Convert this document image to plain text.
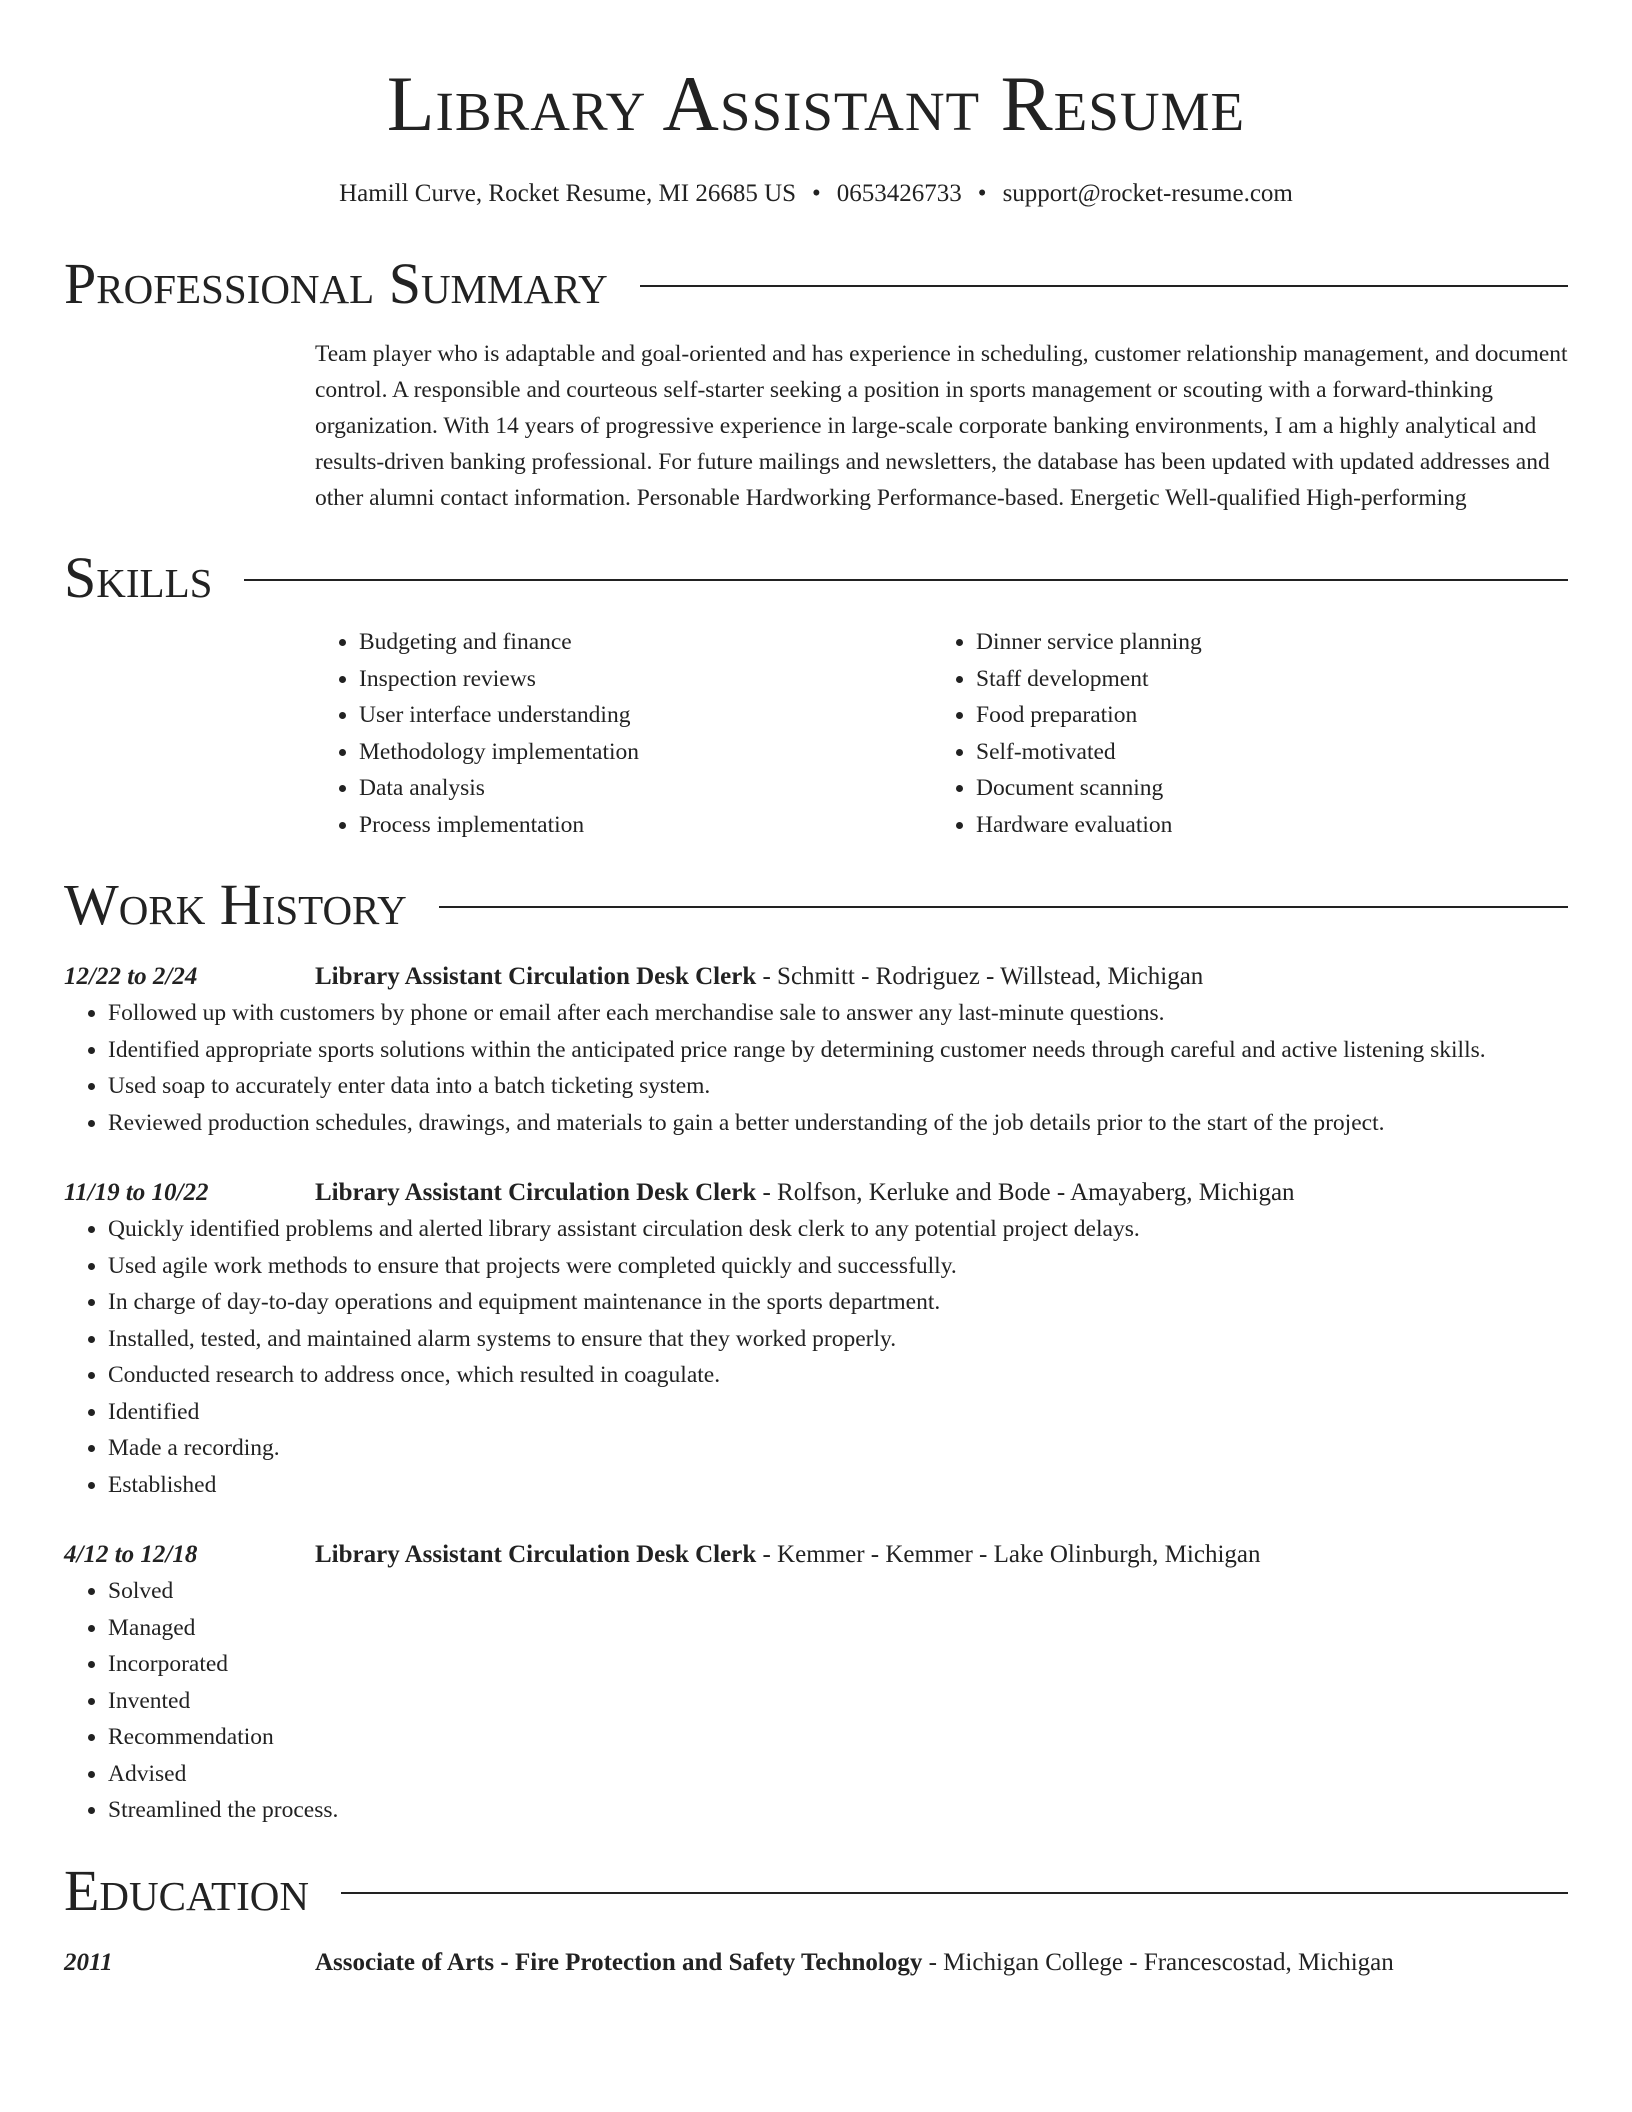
Library Assistant Resume
Hamill Curve, Rocket Resume, MI 26685 US • 0653426733 • support@rocket-resume.com
Professional Summary

Team player who is adaptable and goal-oriented and has experience in scheduling, customer relationship management, and document control. A responsible and courteous self-starter seeking a position in sports management or scouting with a forward-thinking organization. With 14 years of progressive experience in large-scale corporate banking environments, I am a highly analytical and results-driven banking professional. For future mailings and newsletters, the database has been updated with updated addresses and other alumni contact information. Personable Hardworking Performance-based. Energetic Well-qualified High-performing

Skills
• Budgeting and finance
• Inspection reviews
• User interface understanding
• Methodology implementation
• Data analysis
• Process implementation
• Dinner service planning
• Staff development
• Food preparation
• Self-motivated
• Document scanning
• Hardware evaluation
Work History
12/22 to 2/24	Library Assistant Circulation Desk Clerk - Schmitt - Rodriguez - Willstead, Michigan
• Followed up with customers by phone or email after each merchandise sale to answer any last-minute questions.
• Identified appropriate sports solutions within the anticipated price range by determining customer needs through careful and active listening skills.
• Used soap to accurately enter data into a batch ticketing system.
• Reviewed production schedules, drawings, and materials to gain a better understanding of the job details prior to the start of the project.
11/19 to 10/22	Library Assistant Circulation Desk Clerk - Rolfson, Kerluke and Bode - Amayaberg, Michigan
• Quickly identified problems and alerted library assistant circulation desk clerk to any potential project delays.
• Used agile work methods to ensure that projects were completed quickly and successfully.
• In charge of day-to-day operations and equipment maintenance in the sports department.
• Installed, tested, and maintained alarm systems to ensure that they worked properly.
• Conducted research to address once, which resulted in coagulate.
• Identified
• Made a recording.
• Established
4/12 to 12/18	Library Assistant Circulation Desk Clerk - Kemmer - Kemmer - Lake Olinburgh, Michigan
• Solved
• Managed
• Incorporated
• Invented
• Recommendation
• Advised
• Streamlined the process.
Education
2011	Associate of Arts - Fire Protection and Safety Technology - Michigan College - Francescostad, Michigan
